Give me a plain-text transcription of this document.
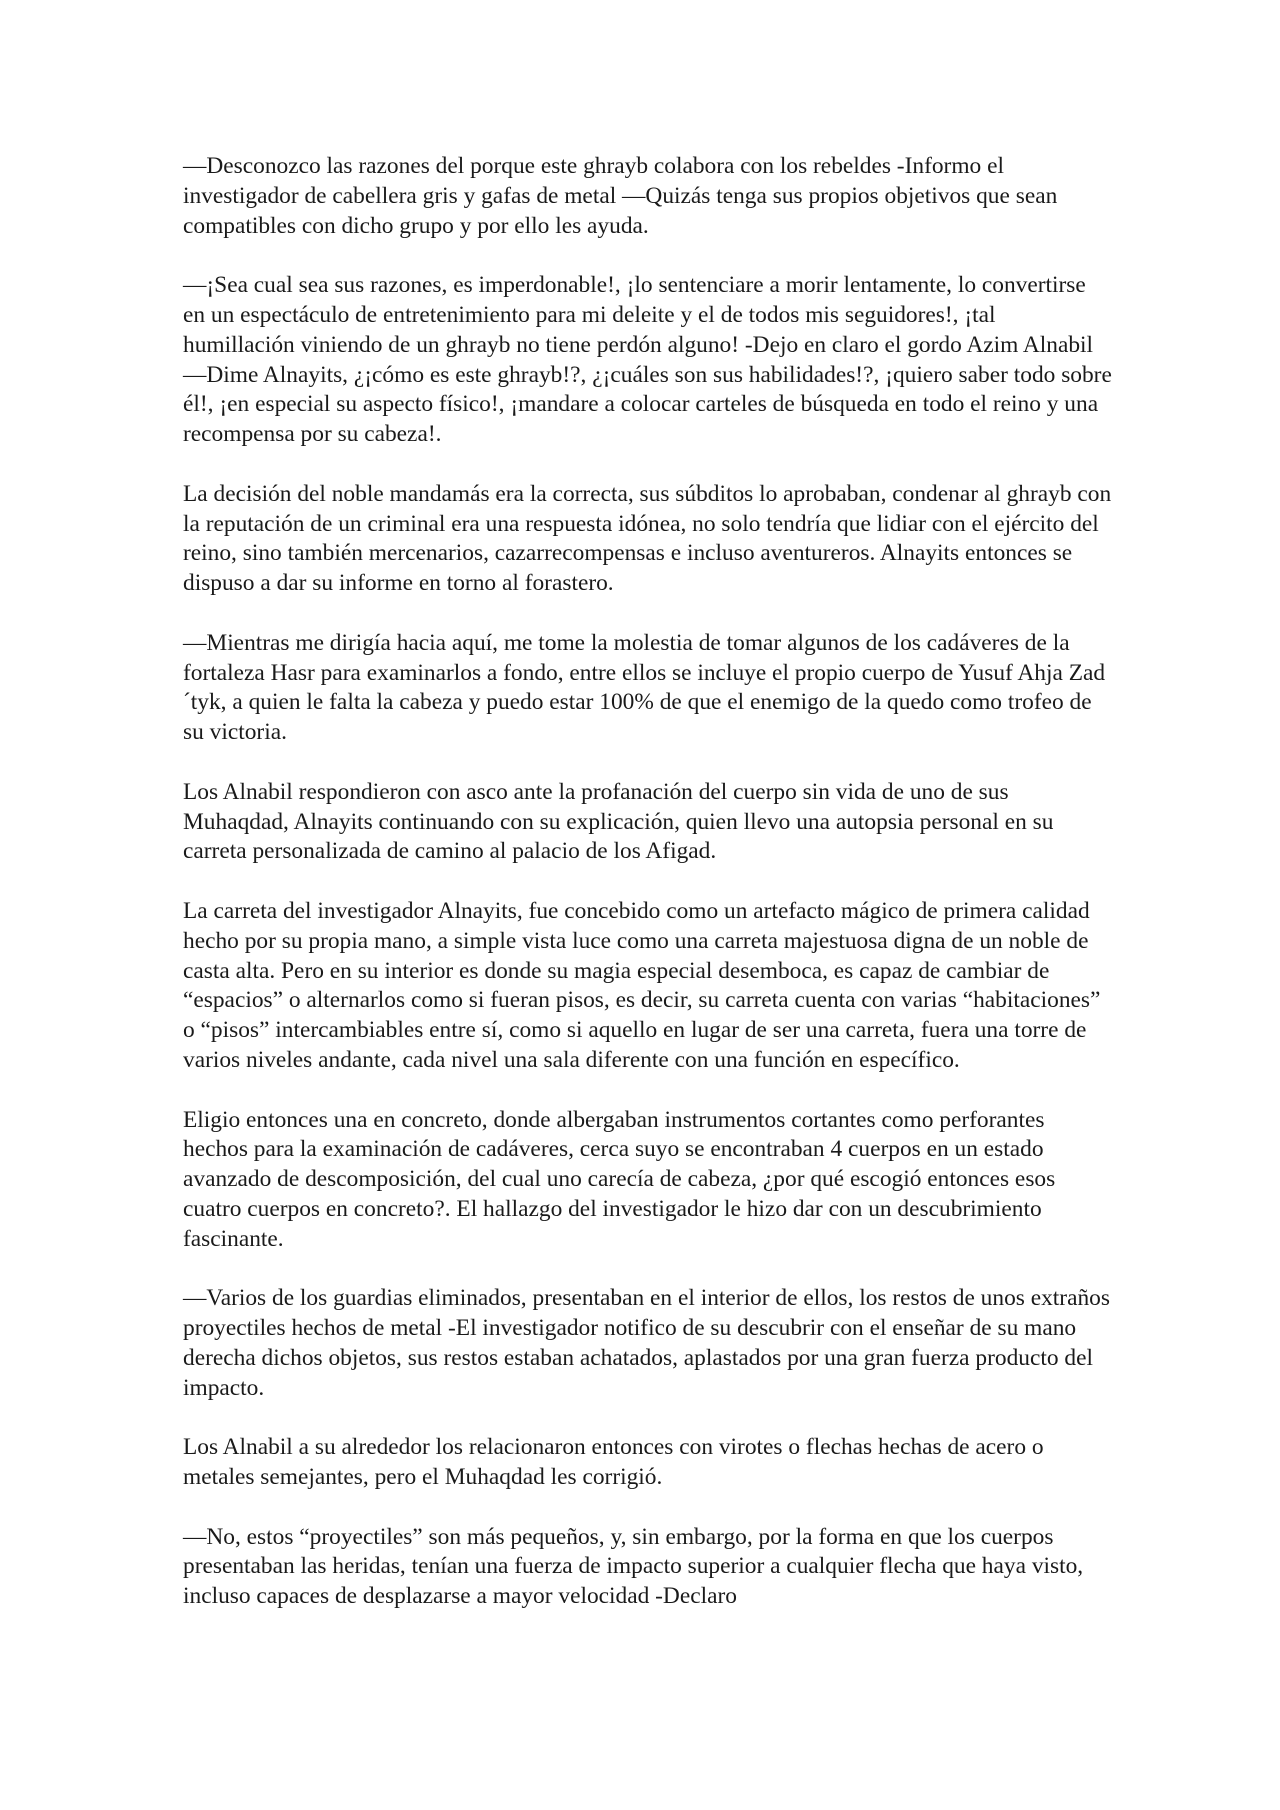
—Desconozco las razones del porque este ghrayb colabora con los rebeldes -Informo el investigador de cabellera gris y gafas de metal —Quizás tenga sus propios objetivos que sean compatibles con dicho grupo y por ello les ayuda.

—¡Sea cual sea sus razones, es imperdonable!, ¡lo sentenciare a morir lentamente, lo convertirse en un espectáculo de entretenimiento para mi deleite y el de todos mis seguidores!, ¡tal humillación viniendo de un ghrayb no tiene perdón alguno! -Dejo en claro el gordo Azim Alnabil —Dime Alnayits, ¿¡cómo es este ghrayb!?, ¿¡cuáles son sus habilidades!?, ¡quiero saber todo sobre él!, ¡en especial su aspecto físico!, ¡mandare a colocar carteles de búsqueda en todo el reino y una recompensa por su cabeza!.

La decisión del noble mandamás era la correcta, sus súbditos lo aprobaban, condenar al ghrayb con la reputación de un criminal era una respuesta idónea, no solo tendría que lidiar con el ejército del reino, sino también mercenarios, cazarrecompensas e incluso aventureros. Alnayits entonces se dispuso a dar su informe en torno al forastero.

—Mientras me dirigía hacia aquí, me tome la molestia de tomar algunos de los cadáveres de la fortaleza Hasr para examinarlos a fondo, entre ellos se incluye el propio cuerpo de Yusuf Ahja Zad´tyk, a quien le falta la cabeza y puedo estar 100% de que el enemigo de la quedo como trofeo de su victoria.

Los Alnabil respondieron con asco ante la profanación del cuerpo sin vida de uno de sus Muhaqdad, Alnayits continuando con su explicación, quien llevo una autopsia personal en su carreta personalizada de camino al palacio de los Afigad.

La carreta del investigador Alnayits, fue concebido como un artefacto mágico de primera calidad hecho por su propia mano, a simple vista luce como una carreta majestuosa digna de un noble de casta alta. Pero en su interior es donde su magia especial desemboca, es capaz de cambiar de “espacios” o alternarlos como si fueran pisos, es decir, su carreta cuenta con varias “habitaciones” o “pisos” intercambiables entre sí, como si aquello en lugar de ser una carreta, fuera una torre de varios niveles andante, cada nivel una sala diferente con una función en específico.

Eligio entonces una en concreto, donde albergaban instrumentos cortantes como perforantes hechos para la examinación de cadáveres, cerca suyo se encontraban 4 cuerpos en un estado avanzado de descomposición, del cual uno carecía de cabeza, ¿por qué escogió entonces esos cuatro cuerpos en concreto?. El hallazgo del investigador le hizo dar con un descubrimiento fascinante.

—Varios de los guardias eliminados, presentaban en el interior de ellos, los restos de unos extraños proyectiles hechos de metal -El investigador notifico de su descubrir con el enseñar de su mano derecha dichos objetos, sus restos estaban achatados, aplastados por una gran fuerza producto del impacto.

Los Alnabil a su alrededor los relacionaron entonces con virotes o flechas hechas de acero o metales semejantes, pero el Muhaqdad les corrigió.

—No, estos “proyectiles” son más pequeños, y, sin embargo, por la forma en que los cuerpos presentaban las heridas, tenían una fuerza de impacto superior a cualquier flecha que haya visto, incluso capaces de desplazarse a mayor velocidad -Declaro
